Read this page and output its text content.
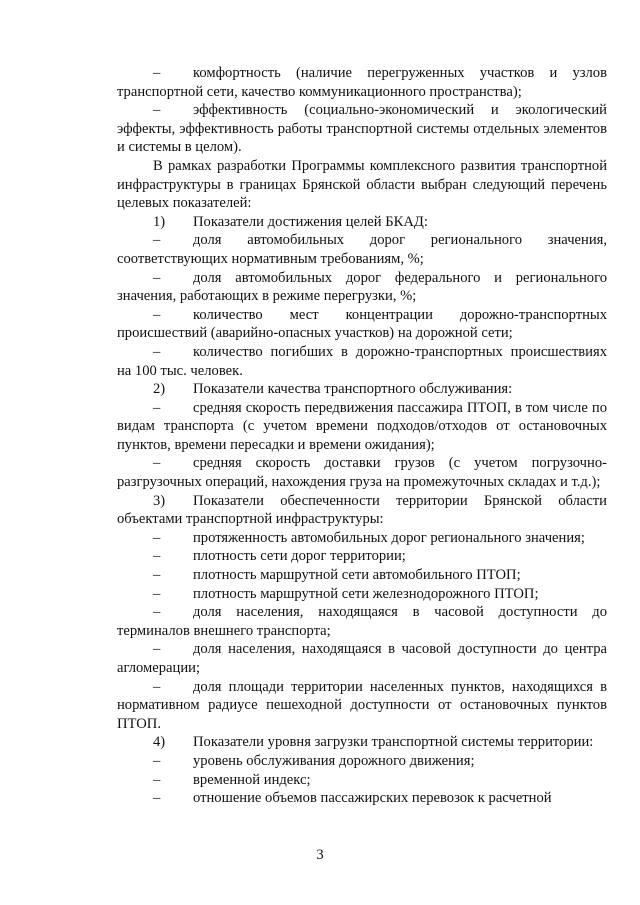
– комфортность (наличие перегруженных участков и узлов
транспортной сети, качество коммуникационного пространства);
– эффективность (социально-экономический и экологический
эффекты, эффективность работы транспортной системы отдельных элементов
и системы в целом).
В рамках разработки Программы комплексного развития транспортной
инфраструктуры в границах Брянской области выбран следующий перечень
целевых показателей:
1) Показатели достижения целей БКАД:
– доля автомобильных дорог регионального значения,
соответствующих нормативным требованиям, %;
– доля автомобильных дорог федерального и регионального
значения, работающих в режиме перегрузки, %;
– количество мест концентрации дорожно-транспортных
происшествий (аварийно-опасных участков) на дорожной сети;
– количество погибших в дорожно-транспортных происшествиях
на 100 тыс. человек.
2) Показатели качества транспортного обслуживания:
– средняя скорость передвижения пассажира ПТОП, в том числе по
видам транспорта (с учетом времени подходов/отходов от остановочных
пунктов, времени пересадки и времени ожидания);
– средняя скорость доставки грузов (с учетом погрузочно-
разгрузочных операций, нахождения груза на промежуточных складах и т.д.);
3) Показатели обеспеченности территории Брянской области
объектами транспортной инфраструктуры:
– протяженность автомобильных дорог регионального значения;
– плотность сети дорог территории;
– плотность маршрутной сети автомобильного ПТОП;
– плотность маршрутной сети железнодорожного ПТОП;
– доля населения, находящаяся в часовой доступности до
терминалов внешнего транспорта;
– доля населения, находящаяся в часовой доступности до центра
агломерации;
– доля площади территории населенных пунктов, находящихся в
нормативном радиусе пешеходной доступности от остановочных пунктов
ПТОП.
4) Показатели уровня загрузки транспортной системы территории:
– уровень обслуживания дорожного движения;
– временной индекс;
– отношение объемов пассажирских перевозок к расчетной
3
